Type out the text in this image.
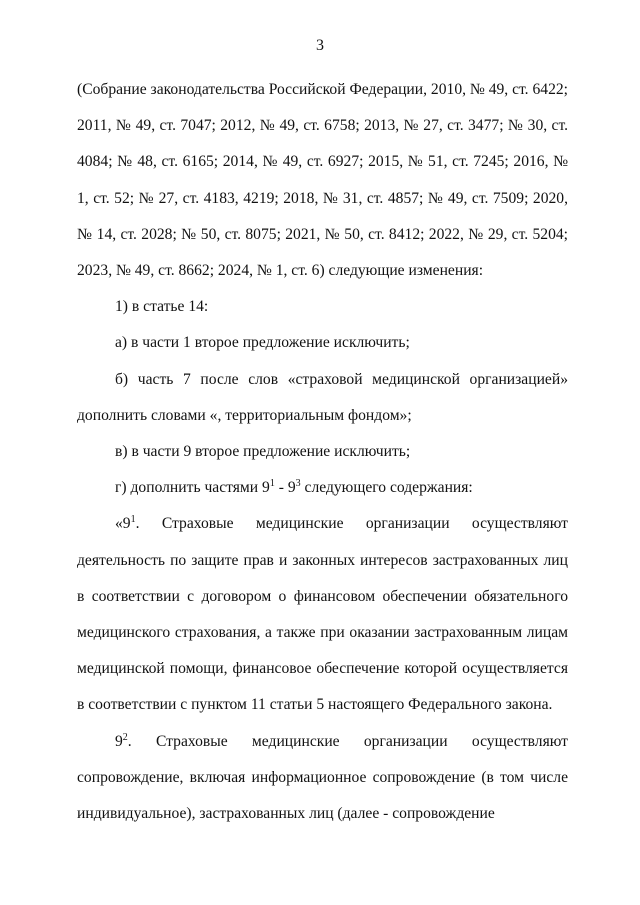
3

(Собрание законодательства Российской Федерации, 2010, № 49, ст. 6422; 2011, № 49, ст. 7047; 2012, № 49, ст. 6758; 2013, № 27, ст. 3477; № 30, ст. 4084; № 48, ст. 6165; 2014, № 49, ст. 6927; 2015, № 51, ст. 7245; 2016, № 1, ст. 52; № 27, ст. 4183, 4219; 2018, № 31, ст. 4857; № 49, ст. 7509; 2020, № 14, ст. 2028; № 50, ст. 8075; 2021, № 50, ст. 8412; 2022, № 29, ст. 5204; 2023, № 49, ст. 8662; 2024, № 1, ст. 6) следующие изменения:

1) в статье 14:

а) в части 1 второе предложение исключить;

б) часть 7 после слов «страховой медицинской организацией» дополнить словами «, территориальным фондом»;

в) в части 9 второе предложение исключить;

г) дополнить частями $9^1 - 9^3$ следующего содержания:

«$9^1$. Страховые медицинские организации осуществляют деятельность по защите прав и законных интересов застрахованных лиц в соответствии с договором о финансовом обеспечении обязательного медицинского страхования, а также при оказании застрахованным лицам медицинской помощи, финансовое обеспечение которой осуществляется в соответствии с пунктом 11 статьи 5 настоящего Федерального закона.

$9^2$. Страховые медицинские организации осуществляют сопровождение, включая информационное сопровождение (в том числе индивидуальное), застрахованных лиц (далее - сопровождение
